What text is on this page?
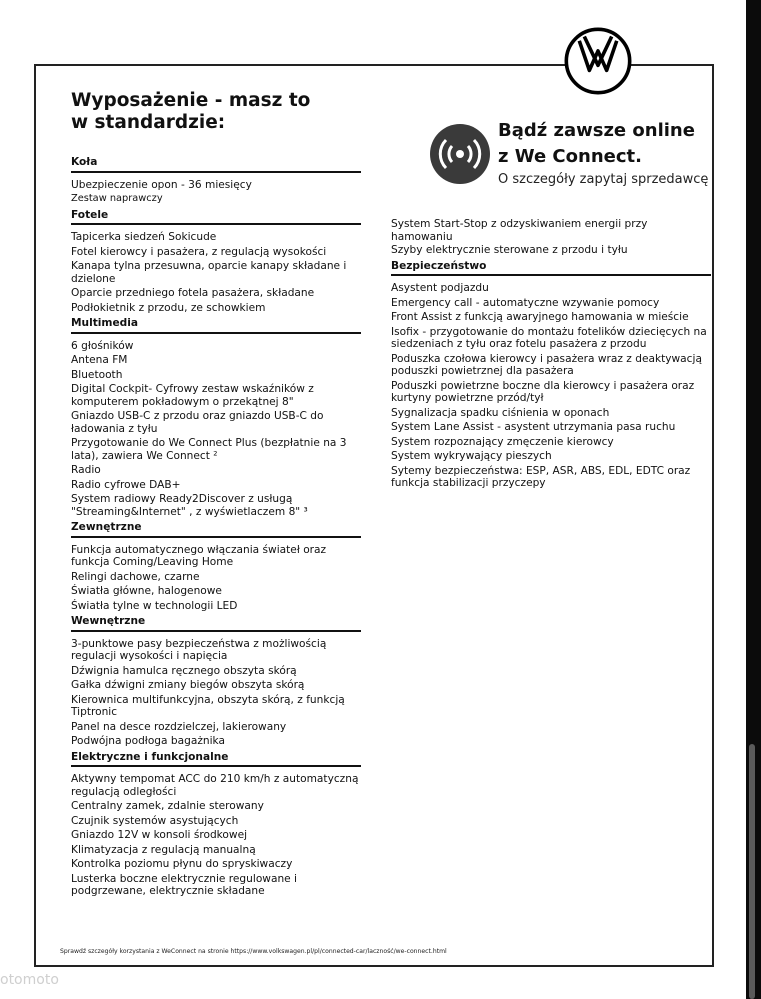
Wyposażenie - masz to
w standardzie:	Bądź zawsze online
z We Connect.
O szczegóły zapytaj sprzedawcę
Koła
Ubezpieczenie opon - 36 miesięcy
Zestaw naprawczy
Fotele
Tapicerka siedzeń Sokicude
Fotel kierowcy i pasażera, z regulacją wysokości
Kanapa tylna przesuwna, oparcie kanapy składane i dzielone
Oparcie przedniego fotela pasażera, składane
Podłokietnik z przodu, ze schowkiem
Multimedia
6 głośników
Antena FM
Bluetooth
Digital Cockpit- Cyfrowy zestaw wskaźników z komputerem pokładowym o przekątnej 8"
Gniazdo USB-C z przodu oraz gniazdo USB-C do ładowania z tyłu
Przygotowanie do We Connect Plus (bezpłatnie na 3 lata), zawiera We Connect ²
Radio
Radio cyfrowe DAB+
System radiowy Ready2Discover z usługą "Streaming&Internet" , z wyświetlaczem 8" ³
Zewnętrzne
Funkcja automatycznego włączania świateł oraz funkcja Coming/Leaving Home
Relingi dachowe, czarne
Światła główne, halogenowe
Światła tylne w technologii LED
Wewnętrzne
3-punktowe pasy bezpieczeństwa z możliwością regulacji wysokości i napięcia
Dźwignia hamulca ręcznego obszyta skórą
Gałka dźwigni zmiany biegów obszyta skórą
Kierownica multifunkcyjna, obszyta skórą, z funkcją Tiptronic
Panel na desce rozdzielczej, lakierowany
Podwójna podłoga bagażnika
Elektryczne i funkcjonalne
Aktywny tempomat ACC do 210 km/h z automatyczną regulacją odległości
Centralny zamek, zdalnie sterowany
Czujnik systemów asystujących
Gniazdo 12V w konsoli środkowej
Klimatyzacja z regulacją manualną
Kontrolka poziomu płynu do spryskiwaczy
Lusterka boczne elektrycznie regulowane i podgrzewane, elektrycznie składane
System Start-Stop z odzyskiwaniem energii przy hamowaniu
Szyby elektrycznie sterowane z przodu i tyłu
Bezpieczeństwo
Asystent podjazdu
Emergency call - automatyczne wzywanie pomocy
Front Assist z funkcją awaryjnego hamowania w mieście
Isofix - przygotowanie do montażu fotelików dziecięcych na siedzeniach z tyłu oraz fotelu pasażera z przodu
Poduszka czołowa kierowcy i pasażera wraz z deaktywacją poduszki powietrznej dla pasażera
Poduszki powietrzne boczne dla kierowcy i pasażera oraz kurtyny powietrzne przód/tył
Sygnalizacja spadku ciśnienia w oponach
System Lane Assist - asystent utrzymania pasa ruchu
System rozpoznający zmęczenie kierowcy
System wykrywający pieszych
Sytemy bezpieczeństwa: ESP, ASR, ABS, EDL, EDTC oraz funkcja stabilizacji przyczepy
Sprawdź szczegóły korzystania z WeConnect na stronie https://www.volkswagen.pl/pl/connected-car/laczność/we-connect.html
otomoto
